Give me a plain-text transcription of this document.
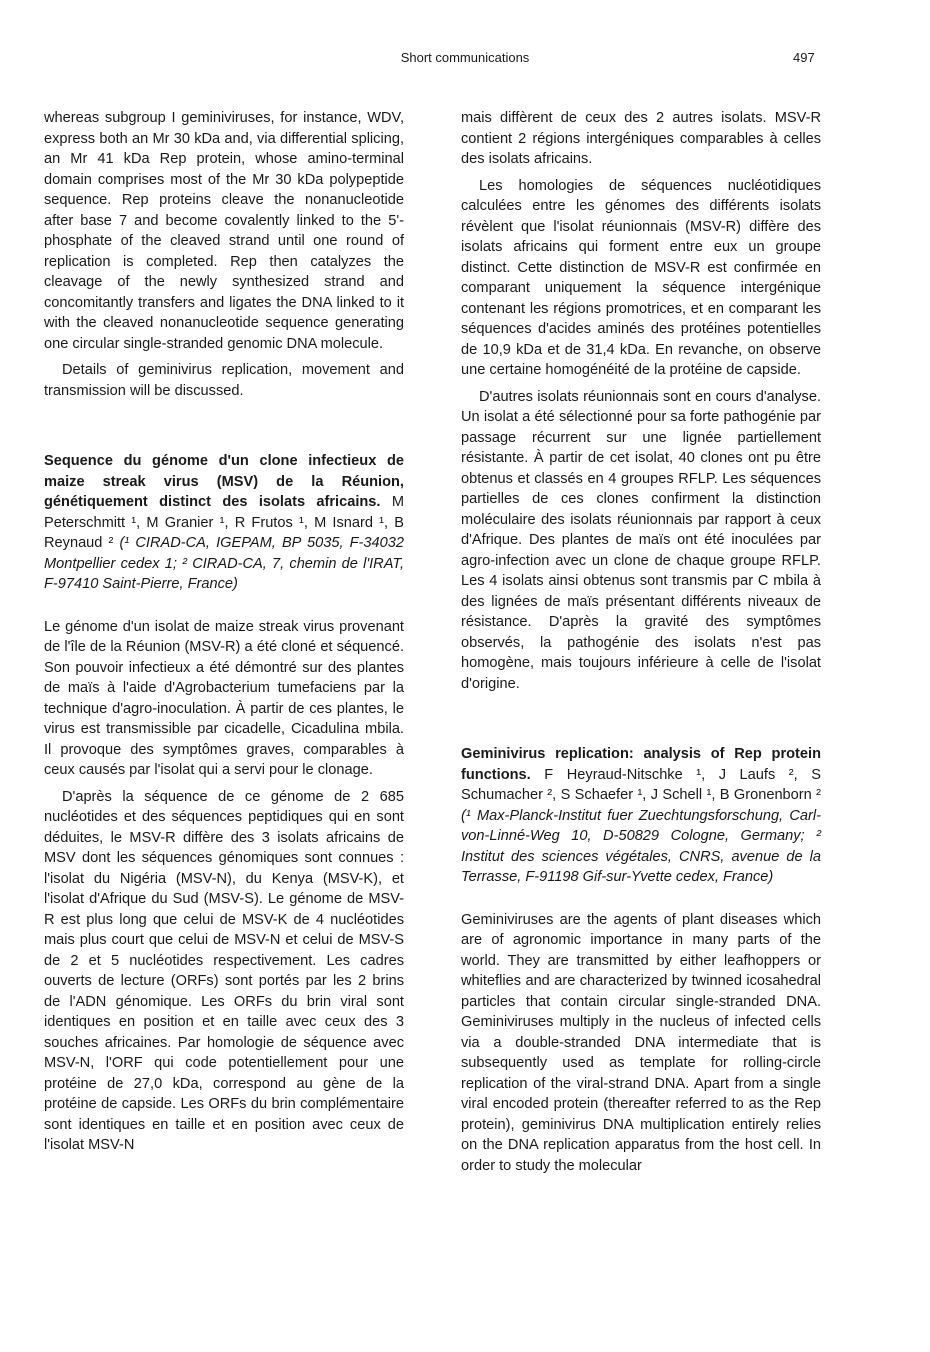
Short communications	497

whereas subgroup I geminiviruses, for instance, WDV, express both an Mr 30 kDa and, via differential splicing, an Mr 41 kDa Rep protein, whose amino-terminal domain comprises most of the Mr 30 kDa polypeptide sequence. Rep proteins cleave the nonanucleotide after base 7 and become covalently linked to the 5'-phosphate of the cleaved strand until one round of replication is completed. Rep then catalyzes the cleavage of the newly synthesized strand and concomitantly transfers and ligates the DNA linked to it with the cleaved nonanucleotide sequence generating one circular single-stranded genomic DNA molecule.

Details of geminivirus replication, movement and transmission will be discussed.

Sequence du génome d'un clone infectieux de maize streak virus (MSV) de la Réunion, génétiquement distinct des isolats africains. M Peterschmitt ¹, M Granier ¹, R Frutos ¹, M Isnard ¹, B Reynaud ² (¹ CIRAD-CA, IGEPAM, BP 5035, F-34032 Montpellier cedex 1; ² CIRAD-CA, 7, chemin de l'IRAT, F-97410 Saint-Pierre, France)

Le génome d'un isolat de maize streak virus provenant de l'île de la Réunion (MSV-R) a été cloné et séquencé. Son pouvoir infectieux a été démontré sur des plantes de maïs à l'aide d'Agrobacterium tumefaciens par la technique d'agro-inoculation. À partir de ces plantes, le virus est transmissible par cicadelle, Cicadulina mbila. Il provoque des symptômes graves, comparables à ceux causés par l'isolat qui a servi pour le clonage.

D'après la séquence de ce génome de 2 685 nucléotides et des séquences peptidiques qui en sont déduites, le MSV-R diffère des 3 isolats africains de MSV dont les séquences génomiques sont connues : l'isolat du Nigéria (MSV-N), du Kenya (MSV-K), et l'isolat d'Afrique du Sud (MSV-S). Le génome de MSV-R est plus long que celui de MSV-K de 4 nucléotides mais plus court que celui de MSV-N et celui de MSV-S de 2 et 5 nucléotides respectivement. Les cadres ouverts de lecture (ORFs) sont portés par les 2 brins de l'ADN génomique. Les ORFs du brin viral sont identiques en position et en taille avec ceux des 3 souches africaines. Par homologie de séquence avec MSV-N, l'ORF qui code potentiellement pour une protéine de 27,0 kDa, correspond au gène de la protéine de capside. Les ORFs du brin complémentaire sont identiques en taille et en position avec ceux de l'isolat MSV-N

mais diffèrent de ceux des 2 autres isolats. MSV-R contient 2 régions intergéniques comparables à celles des isolats africains.

Les homologies de séquences nucléotidiques calculées entre les génomes des différents isolats révèlent que l'isolat réunionnais (MSV-R) diffère des isolats africains qui forment entre eux un groupe distinct. Cette distinction de MSV-R est confirmée en comparant uniquement la séquence intergénique contenant les régions promotrices, et en comparant les séquences d'acides aminés des protéines potentielles de 10,9 kDa et de 31,4 kDa. En revanche, on observe une certaine homogénéité de la protéine de capside.

D'autres isolats réunionnais sont en cours d'analyse. Un isolat a été sélectionné pour sa forte pathogénie par passage récurrent sur une lignée partiellement résistante. À partir de cet isolat, 40 clones ont pu être obtenus et classés en 4 groupes RFLP. Les séquences partielles de ces clones confirment la distinction moléculaire des isolats réunionnais par rapport à ceux d'Afrique. Des plantes de maïs ont été inoculées par agro-infection avec un clone de chaque groupe RFLP. Les 4 isolats ainsi obtenus sont transmis par C mbila à des lignées de maïs présentant différents niveaux de résistance. D'après la gravité des symptômes observés, la pathogénie des isolats n'est pas homogène, mais toujours inférieure à celle de l'isolat d'origine.

Geminivirus replication: analysis of Rep protein functions. F Heyraud-Nitschke ¹, J Laufs ², S Schumacher ², S Schaefer ¹, J Schell ¹, B Gronenborn ² (¹ Max-Planck-Institut fuer Zuechtungsforschung, Carl-von-Linné-Weg 10, D-50829 Cologne, Germany; ² Institut des sciences végétales, CNRS, avenue de la Terrasse, F-91198 Gif-sur-Yvette cedex, France)

Geminiviruses are the agents of plant diseases which are of agronomic importance in many parts of the world. They are transmitted by either leafhoppers or whiteflies and are characterized by twinned icosahedral particles that contain circular single-stranded DNA. Geminiviruses multiply in the nucleus of infected cells via a double-stranded DNA intermediate that is subsequently used as template for rolling-circle replication of the viral-strand DNA. Apart from a single viral encoded protein (thereafter referred to as the Rep protein), geminivirus DNA multiplication entirely relies on the DNA replication apparatus from the host cell. In order to study the molecular
